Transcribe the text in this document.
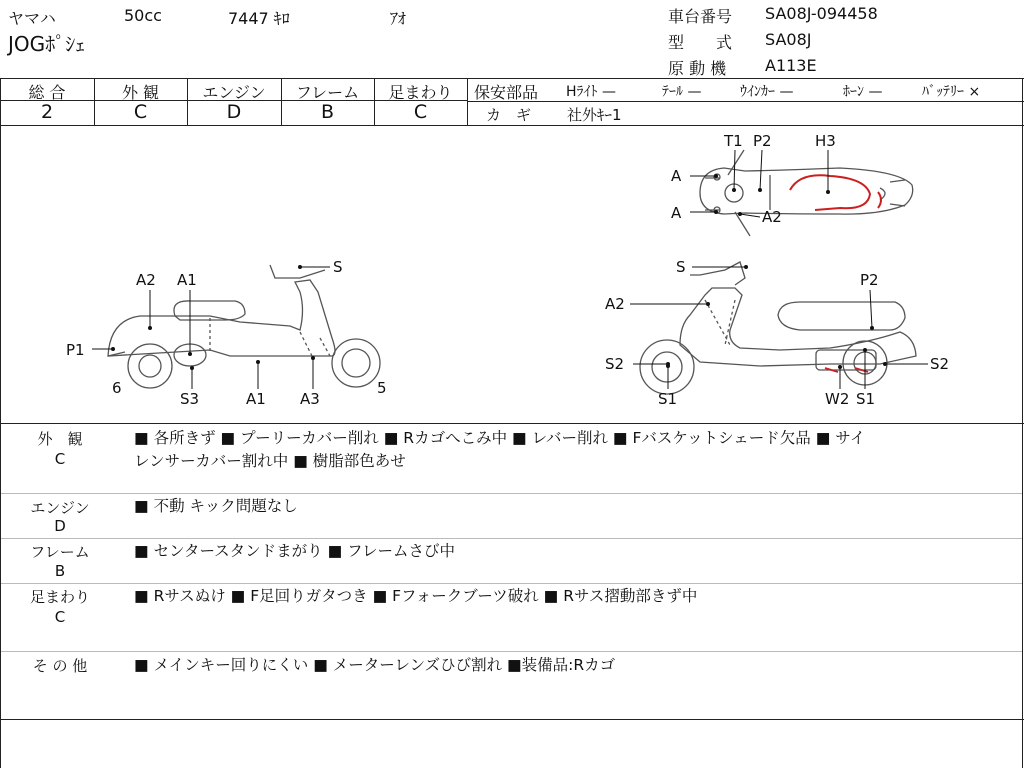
ヤマハ	50cc	7447 ｷﾛ	ｱｵ
JOGﾎﾟｼｪ
車台番号 SA08J-094458
型　　式 SA08J
原 動 機 A113E
総 合	外 観	エンジン	フレーム	足まわり
2	C	D	B	C
保安部品 Hﾗｲﾄ —	ﾃｰﾙ —	ｳｲﾝｶｰ —	ﾎｰﾝ —	ﾊﾞｯﾃﾘｰ ×
カ　ギ 社外ｷｰ1
T1 P2	H3
A
A	A2
S
A2 A1
P1
6
S3	A1 A3
5
S
P2
A2
S2	S2
S1	W2 S1
外　観
C
■ 各所きず ■ プーリーカバー削れ ■ Rカゴへこみ中 ■ レバー削れ ■ Fバスケットシェード欠品 ■ サイ
レンサーカバー割れ中 ■ 樹脂部色あせ
エンジン
D
■ 不動 キック問題なし
フレーム
B
■ センタースタンドまがり ■ フレームさび中
足まわり
C
■ Rサスぬけ ■ F足回りガタつき ■ Fフォークブーツ破れ ■ Rサス摺動部きず中
そ の 他	■ メインキー回りにくい ■ メーターレンズひび割れ ■装備品:Rカゴ
